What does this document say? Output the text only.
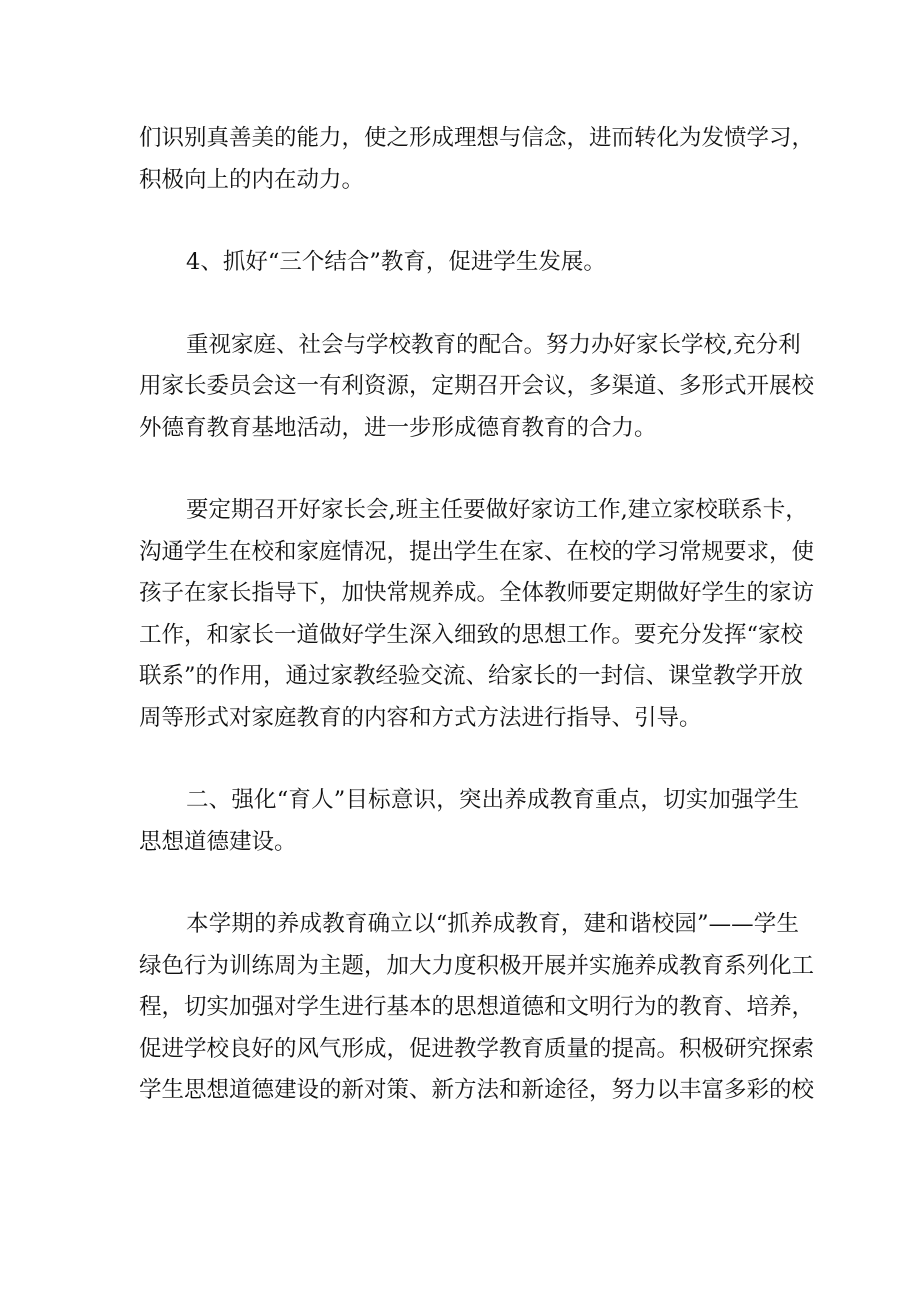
们识别真善美的能力，使之形成理想与信念，进而转化为发愤学习，
积极向上的内在动力。

4、抓好“三个结合”教育，促进学生发展。

重视家庭、社会与学校教育的配合。努力办好家长学校,充分利
用家长委员会这一有利资源，定期召开会议，多渠道、多形式开展校
外德育教育基地活动，进一步形成德育教育的合力。

要定期召开好家长会,班主任要做好家访工作,建立家校联系卡，
沟通学生在校和家庭情况，提出学生在家、在校的学习常规要求，使
孩子在家长指导下，加快常规养成。全体教师要定期做好学生的家访
工作，和家长一道做好学生深入细致的思想工作。要充分发挥“家校
联系”的作用，通过家教经验交流、给家长的一封信、课堂教学开放
周等形式对家庭教育的内容和方式方法进行指导、引导。

二、强化“育人”目标意识，突出养成教育重点，切实加强学生
思想道德建设。

本学期的养成教育确立以“抓养成教育，建和谐校园”——学生
绿色行为训练周为主题，加大力度积极开展并实施养成教育系列化工
程，切实加强对学生进行基本的思想道德和文明行为的教育、培养，
促进学校良好的风气形成，促进教学教育质量的提高。积极研究探索
学生思想道德建设的新对策、新方法和新途径，努力以丰富多彩的校
